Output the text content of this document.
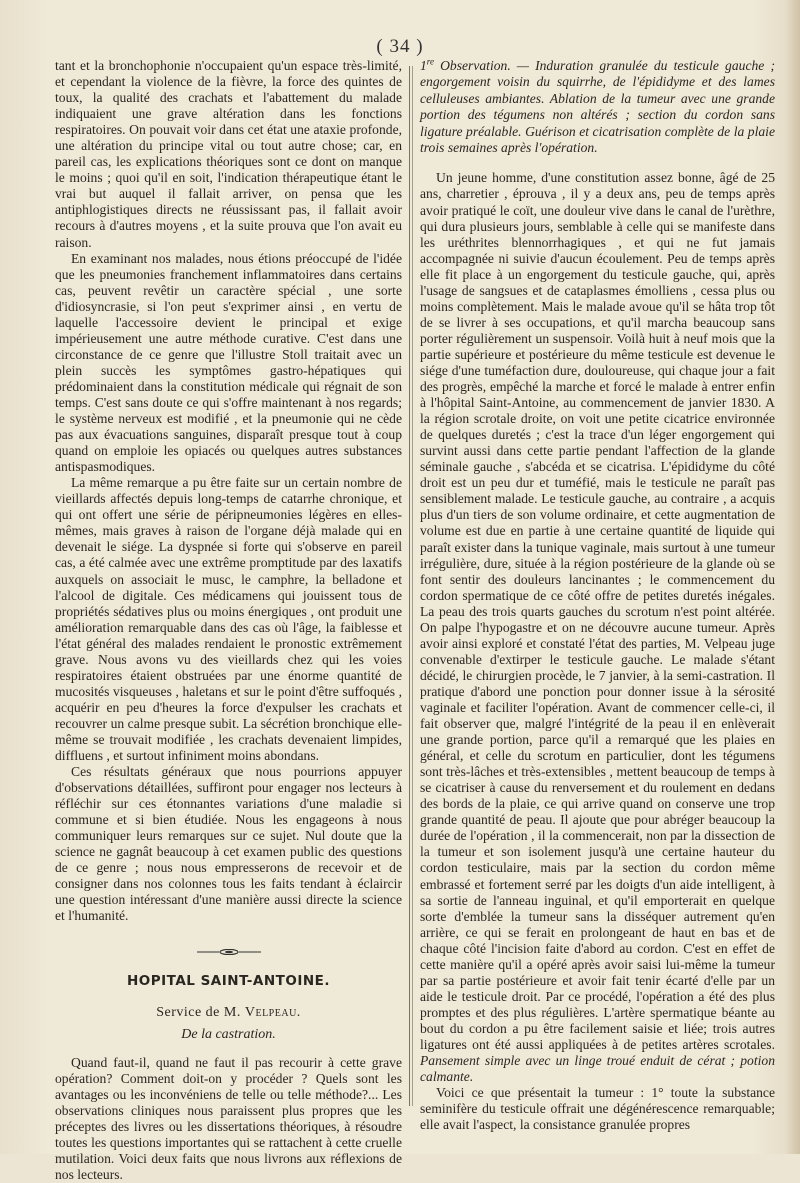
( 34 )

tant et la bronchophonie n'occupaient qu'un espace très-limité, et cependant la violence de la fièvre, la force des quintes de toux, la qualité des crachats et l'abattement du malade indiquaient une grave altération dans les fonctions respiratoires. On pouvait voir dans cet état une ataxie profonde, une altération du principe vital ou tout autre chose; car, en pareil cas, les explications théoriques sont ce dont on manque le moins ; quoi qu'il en soit, l'indication thérapeutique étant le vrai but auquel il fallait arriver, on pensa que les antiphlogistiques directs ne réussissant pas, il fallait avoir recours à d'autres moyens , et la suite prouva que l'on avait eu raison.

En examinant nos malades, nous étions préoccupé de l'idée que les pneumonies franchement inflammatoires dans certains cas, peuvent revêtir un caractère spécial , une sorte d'idiosyncrasie, si l'on peut s'exprimer ainsi , en vertu de laquelle l'accessoire devient le principal et exige impérieusement une autre méthode curative. C'est dans une circonstance de ce genre que l'illustre Stoll traitait avec un plein succès les symptômes gastro-hépatiques qui prédominaient dans la constitution médicale qui régnait de son temps. C'est sans doute ce qui s'offre maintenant à nos regards; le système nerveux est modifié , et la pneumonie qui ne cède pas aux évacuations sanguines, disparaît presque tout à coup quand on emploie les opiacés ou quelques autres substances antispasmodiques.

La même remarque a pu être faite sur un certain nombre de vieillards affectés depuis long-temps de catarrhe chronique, et qui ont offert une série de péripneumonies légères en elles-mêmes, mais graves à raison de l'organe déjà malade qui en devenait le siége. La dyspnée si forte qui s'observe en pareil cas, a été calmée avec une extrême promptitude par des laxatifs auxquels on associait le musc, le camphre, la belladone et l'alcool de digitale. Ces médicamens qui jouissent tous de propriétés sédatives plus ou moins énergiques , ont produit une amélioration remarquable dans des cas où l'âge, la faiblesse et l'état général des malades rendaient le pronostic extrêmement grave. Nous avons vu des vieillards chez qui les voies respiratoires étaient obstruées par une énorme quantité de mucosités visqueuses , haletans et sur le point d'être suffoqués , acquérir en peu d'heures la force d'expulser les crachats et recouvrer un calme presque subit. La sécrétion bronchique elle-même se trouvait modifiée , les crachats devenaient limpides, diffluens , et surtout infiniment moins abondans.

Ces résultats généraux que nous pourrions appuyer d'observations détaillées, suffiront pour engager nos lecteurs à réfléchir sur ces étonnantes variations d'une maladie si commune et si bien étudiée. Nous les engageons à nous communiquer leurs remarques sur ce sujet. Nul doute que la science ne gagnât beaucoup à cet examen public des questions de ce genre ; nous nous empresserons de recevoir et de consigner dans nos colonnes tous les faits tendant à éclaircir une question intéressant d'une manière aussi directe la science et l'humanité.

HOPITAL SAINT-ANTOINE.
Service de M. Velpeau.
De la castration.

Quand faut-il, quand ne faut il pas recourir à cette grave opération? Comment doit-on y procéder ? Quels sont les avantages ou les inconvéniens de telle ou telle méthode?... Les observations cliniques nous paraissent plus propres que les préceptes des livres ou les dissertations théoriques, à résoudre toutes les questions importantes qui se rattachent à cette cruelle mutilation. Voici deux faits que nous livrons aux réflexions de nos lecteurs.

1re Observation. — Induration granulée du testicule gauche ; engorgement voisin du squirrhe, de l'épididyme et des lames celluleuses ambiantes. Ablation de la tumeur avec une grande portion des tégumens non altérés ; section du cordon sans ligature préalable. Guérison et cicatrisation complète de la plaie trois semaines après l'opération.

Un jeune homme, d'une constitution assez bonne, âgé de 25 ans, charretier , éprouva , il y a deux ans, peu de temps après avoir pratiqué le coït, une douleur vive dans le canal de l'urèthre, qui dura plusieurs jours, semblable à celle qui se manifeste dans les uréthrites blennorrhagiques , et qui ne fut jamais accompagnée ni suivie d'aucun écoulement. Peu de temps après elle fit place à un engorgement du testicule gauche, qui, après l'usage de sangsues et de cataplasmes émolliens , cessa plus ou moins complètement. Mais le malade avoue qu'il se hâta trop tôt de se livrer à ses occupations, et qu'il marcha beaucoup sans porter régulièrement un suspensoir. Voilà huit à neuf mois que la partie supérieure et postérieure du même testicule est devenue le siége d'une tuméfaction dure, douloureuse, qui chaque jour a fait des progrès, empêché la marche et forcé le malade à entrer enfin à l'hôpital Saint-Antoine, au commencement de janvier 1830. A la région scrotale droite, on voit une petite cicatrice environnée de quelques duretés ; c'est la trace d'un léger engorgement qui survint aussi dans cette partie pendant l'affection de la glande séminale gauche , s'abcéda et se cicatrisa. L'épididyme du côté droit est un peu dur et tuméfié, mais le testicule ne paraît pas sensiblement malade. Le testicule gauche, au contraire , a acquis plus d'un tiers de son volume ordinaire, et cette augmentation de volume est due en partie à une certaine quantité de liquide qui paraît exister dans la tunique vaginale, mais surtout à une tumeur irrégulière, dure, située à la région postérieure de la glande où se font sentir des douleurs lancinantes ; le commencement du cordon spermatique de ce côté offre de petites duretés inégales. La peau des trois quarts gauches du scrotum n'est point altérée. On palpe l'hypogastre et on ne découvre aucune tumeur. Après avoir ainsi exploré et constaté l'état des parties, M. Velpeau juge convenable d'extirper le testicule gauche. Le malade s'étant décidé, le chirurgien procède, le 7 janvier, à la semi-castration. Il pratique d'abord une ponction pour donner issue à la sérosité vaginale et faciliter l'opération. Avant de commencer celle-ci, il fait observer que, malgré l'intégrité de la peau il en enlèverait une grande portion, parce qu'il a remarqué que les plaies en général, et celle du scrotum en particulier, dont les tégumens sont très-lâches et très-extensibles , mettent beaucoup de temps à se cicatriser à cause du renversement et du roulement en dedans des bords de la plaie, ce qui arrive quand on conserve une trop grande quantité de peau. Il ajoute que pour abréger beaucoup la durée de l'opération , il la commencerait, non par la dissection de la tumeur et son isolement jusqu'à une certaine hauteur du cordon testiculaire, mais par la section du cordon même embrassé et fortement serré par les doigts d'un aide intelligent, à sa sortie de l'anneau inguinal, et qu'il emporterait en quelque sorte d'emblée la tumeur sans la disséquer autrement qu'en arrière, ce qui se ferait en prolongeant de haut en bas et de chaque côté l'incision faite d'abord au cordon. C'est en effet de cette manière qu'il a opéré après avoir saisi lui-même la tumeur par sa partie postérieure et avoir fait tenir écarté d'elle par un aide le testicule droit. Par ce procédé, l'opération a été des plus promptes et des plus régulières. L'artère spermatique béante au bout du cordon a pu être facilement saisie et liée; trois autres ligatures ont été aussi appliquées à de petites artères scrotales. Pansement simple avec un linge troué enduit de cérat ; potion calmante.

Voici ce que présentait la tumeur : 1° toute la substance seminifère du testicule offrait une dégénérescence remarquable; elle avait l'aspect, la consistance granulée propres
